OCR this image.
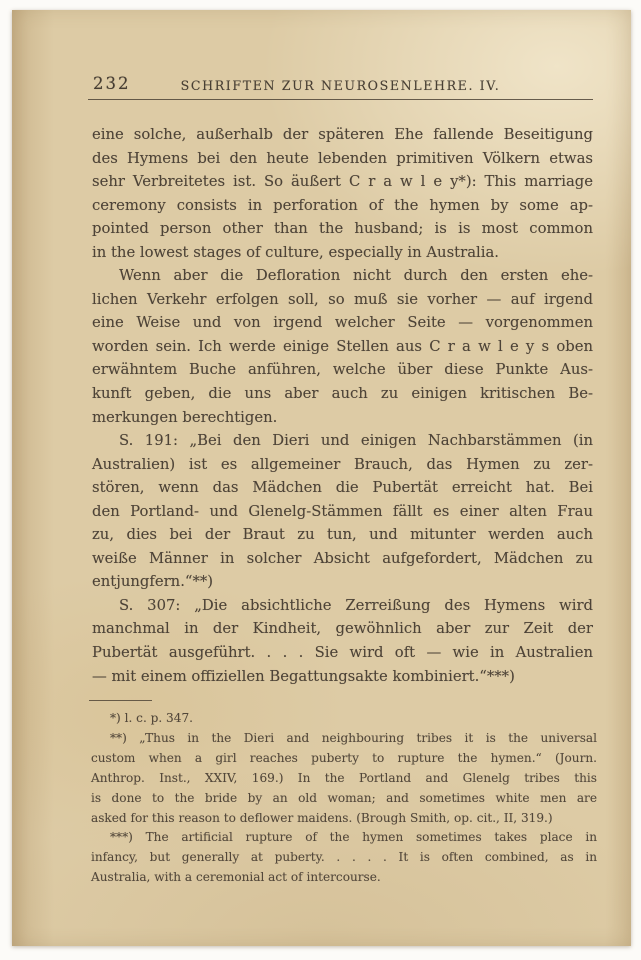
232	SCHRIFTEN ZUR NEUROSENLEHRE. IV.
eine solche, außerhalb der späteren Ehe fallende Beseitigung
des Hymens bei den heute lebenden primitiven Völkern etwas
sehr Verbreitetes ist. So äußert C r a w l e y*): This marriage
ceremony consists in perforation of the hymen by some ap-
pointed person other than the husband; is is most common
in the lowest stages of culture, especially in Australia.
Wenn aber die Defloration nicht durch den ersten ehe-
lichen Verkehr erfolgen soll, so muß sie vorher — auf irgend
eine Weise und von irgend welcher Seite — vorgenommen
worden sein. Ich werde einige Stellen aus C r a w l e y s oben
erwähntem Buche anführen, welche über diese Punkte Aus-
kunft geben, die uns aber auch zu einigen kritischen Be-
merkungen berechtigen.
S. 191: „Bei den Dieri und einigen Nachbarstämmen (in
Australien) ist es allgemeiner Brauch, das Hymen zu zer-
stören, wenn das Mädchen die Pubertät erreicht hat. Bei
den Portland- und Glenelg-Stämmen fällt es einer alten Frau
zu, dies bei der Braut zu tun, und mitunter werden auch
weiße Männer in solcher Absicht aufgefordert, Mädchen zu
entjungfern.“**)
S. 307: „Die absichtliche Zerreißung des Hymens wird
manchmal in der Kindheit, gewöhnlich aber zur Zeit der
Pubertät ausgeführt. . . . Sie wird oft — wie in Australien
— mit einem offiziellen Begattungsakte kombiniert.“***)
*) l. c. p. 347.
**) „Thus in the Dieri and neighbouring tribes it is the universal
custom when a girl reaches puberty to rupture the hymen.“ (Journ.
Anthrop. Inst., XXIV, 169.) In the Portland and Glenelg tribes this
is done to the bride by an old woman; and sometimes white men are
asked for this reason to deflower maidens. (Brough Smith, op. cit., II, 319.)
***) The artificial rupture of the hymen sometimes takes place in
infancy, but generally at puberty. . . . . It is often combined, as in
Australia, with a ceremonial act of intercourse.
